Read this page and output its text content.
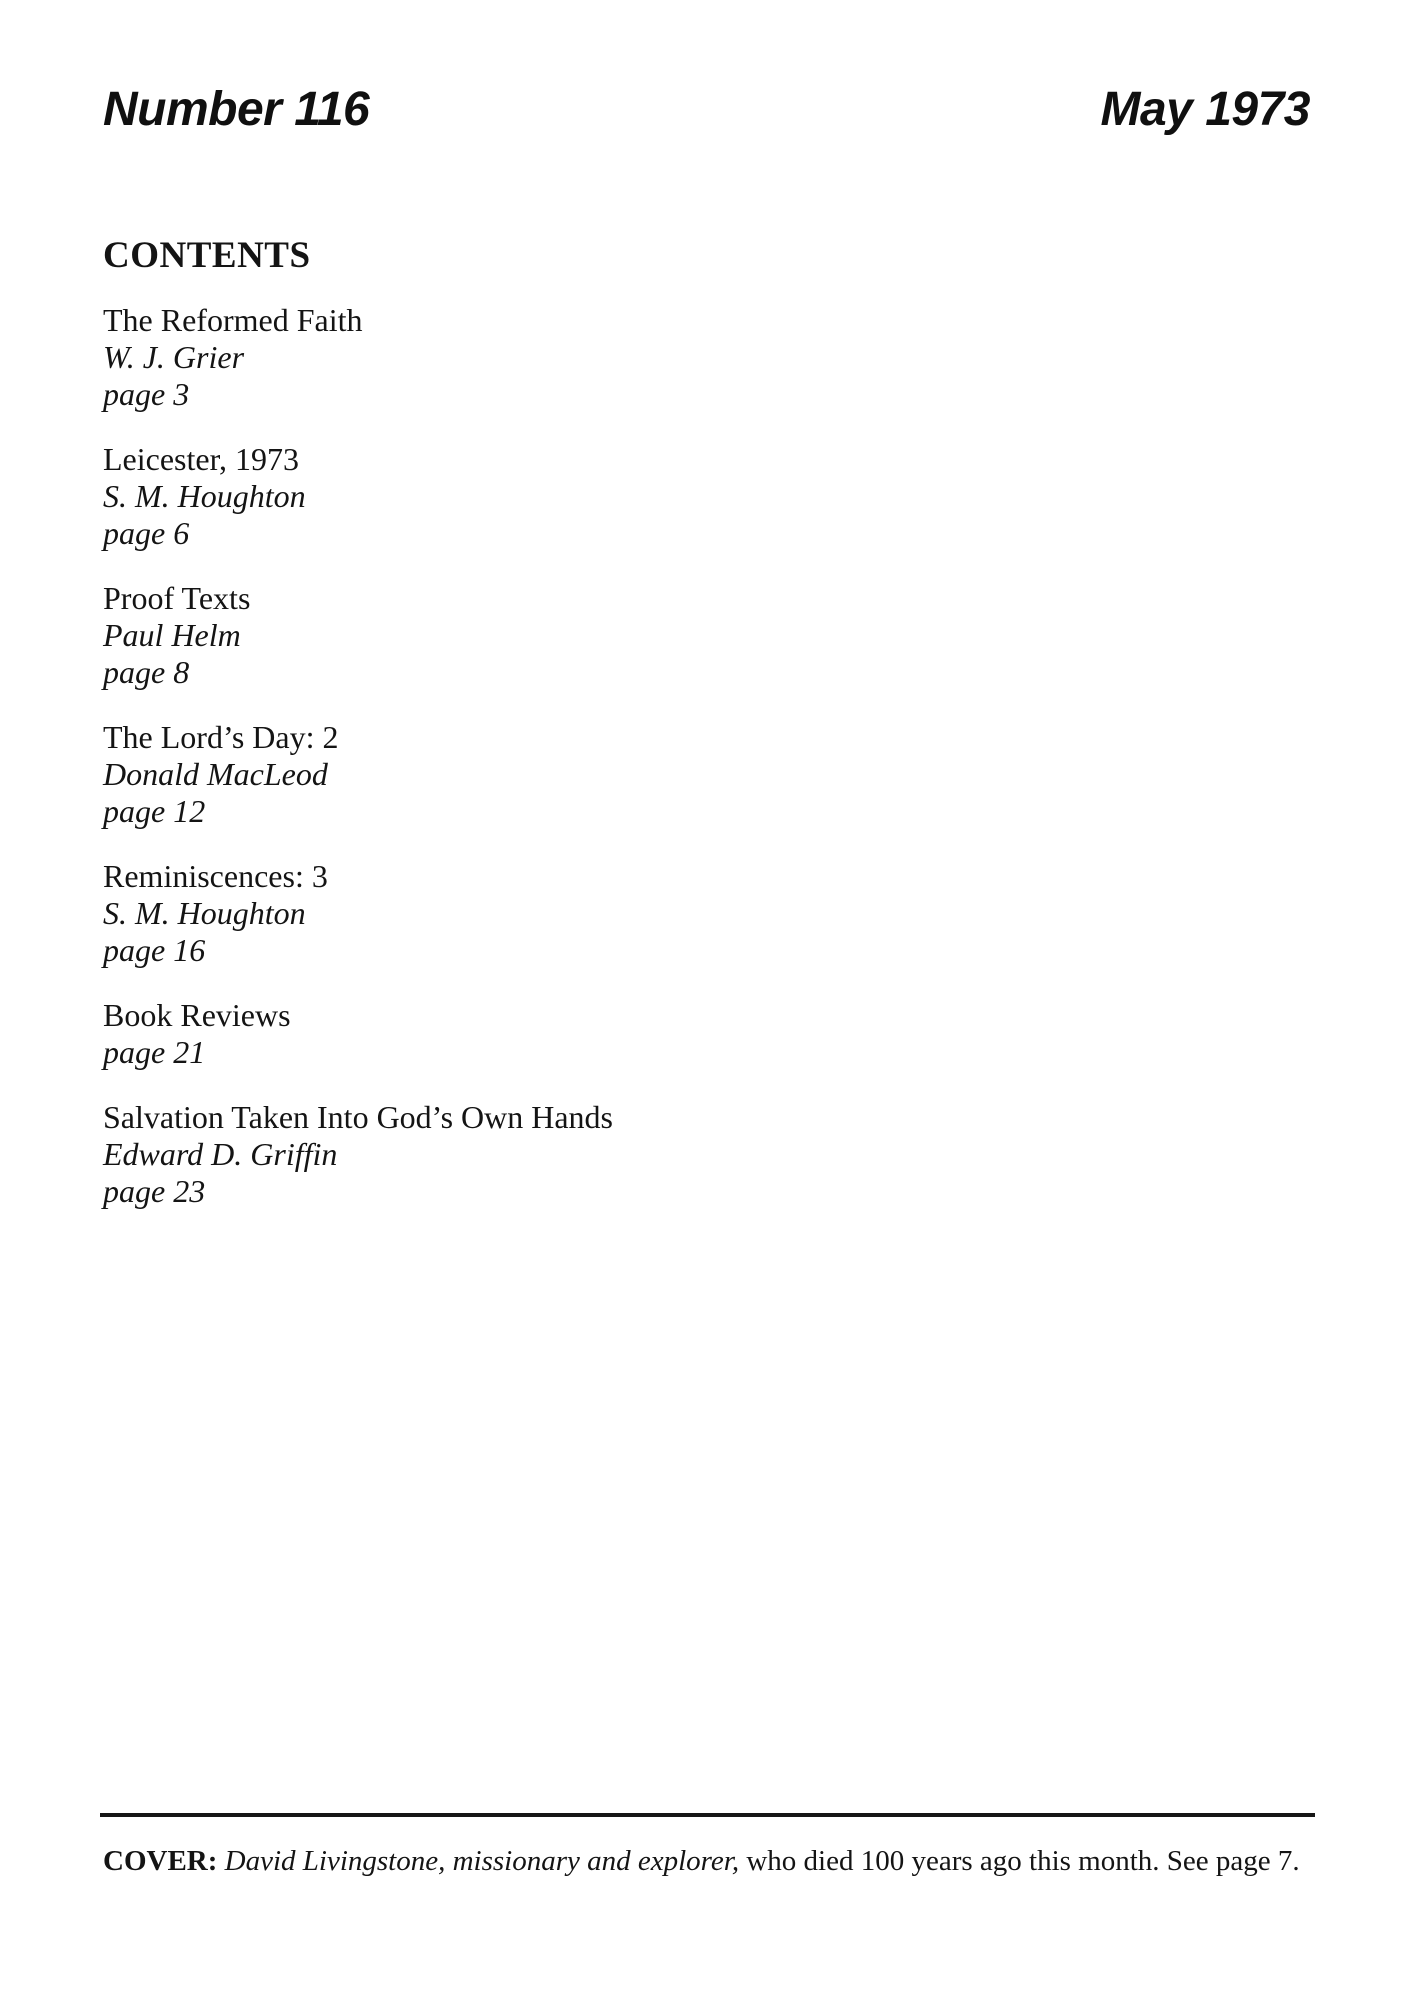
Number 116	May 1973
CONTENTS
The Reformed Faith
W. J. Grier
page 3
Leicester, 1973
S. M. Houghton
page 6
Proof Texts
Paul Helm
page 8
The Lord’s Day: 2
Donald MacLeod
page 12
Reminiscences: 3
S. M. Houghton
page 16
Book Reviews
page 21
Salvation Taken Into God’s Own Hands
Edward D. Griffin
page 23
COVER: David Livingstone, missionary and explorer, who died 100 years ago this month. See page 7.
